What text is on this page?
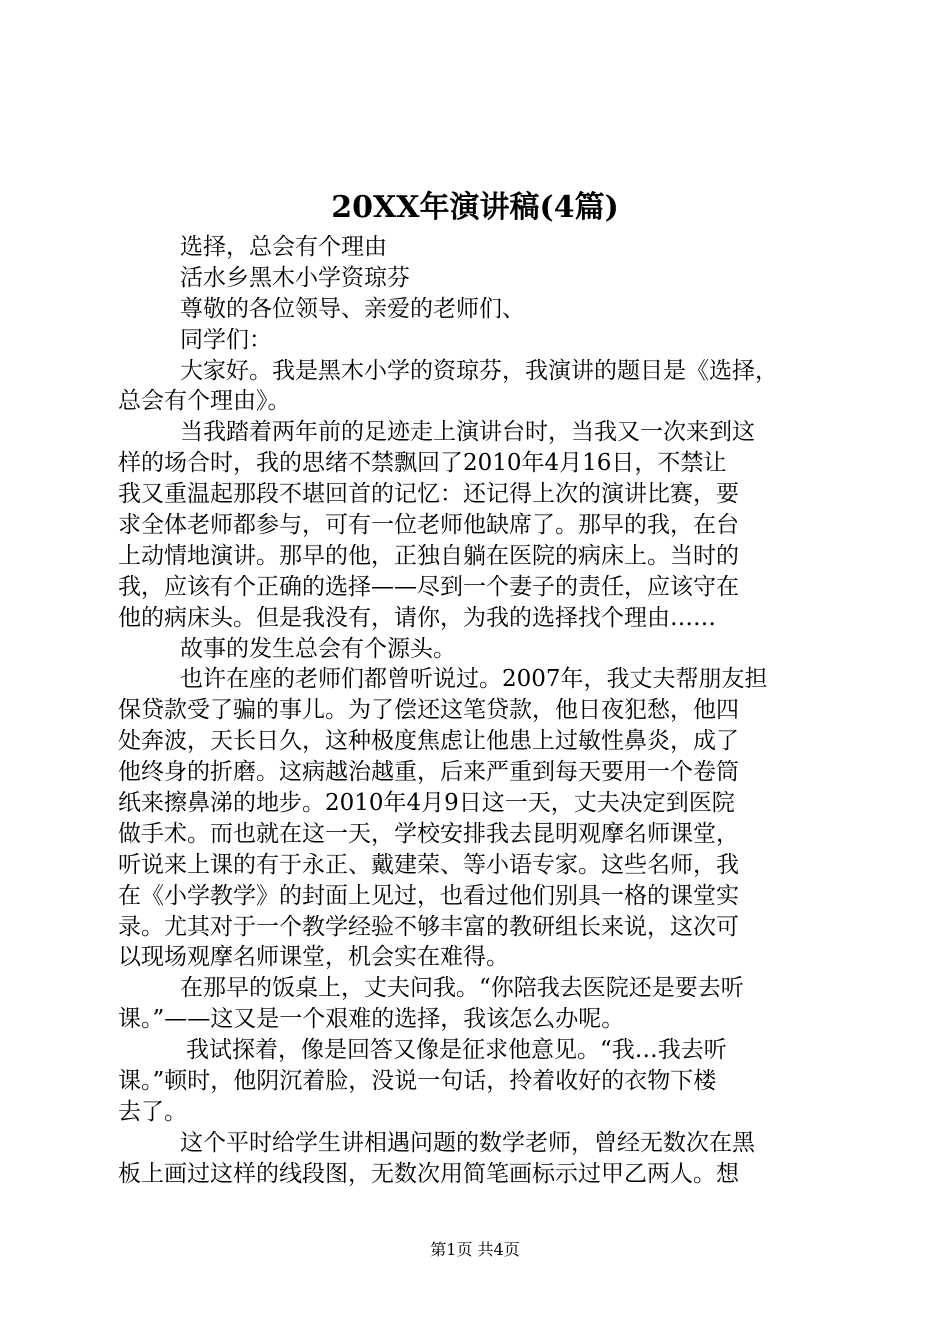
20XX年演讲稿(4篇)
选择，总会有个理由
活水乡黑木小学资琼芬
尊敬的各位领导、亲爱的老师们、
同学们：
大家好。我是黑木小学的资琼芬，我演讲的题目是《选择，
总会有个理由》。
当我踏着两年前的足迹走上演讲台时，当我又一次来到这
样的场合时，我的思绪不禁飘回了2010年4月16日，不禁让
我又重温起那段不堪回首的记忆：还记得上次的演讲比赛，要
求全体老师都参与，可有一位老师他缺席了。那早的我，在台
上动情地演讲。那早的他，正独自躺在医院的病床上。当时的
我，应该有个正确的选择——尽到一个妻子的责任，应该守在
他的病床头。但是我没有，请你，为我的选择找个理由……
故事的发生总会有个源头。
也许在座的老师们都曾听说过。2007年，我丈夫帮朋友担
保贷款受了骗的事儿。为了偿还这笔贷款，他日夜犯愁，他四
处奔波，天长日久，这种极度焦虑让他患上过敏性鼻炎，成了
他终身的折磨。这病越治越重，后来严重到每天要用一个卷筒
纸来擦鼻涕的地步。2010年4月9日这一天，丈夫决定到医院
做手术。而也就在这一天，学校安排我去昆明观摩名师课堂，
听说来上课的有于永正、戴建荣、等小语专家。这些名师，我
在《小学教学》的封面上见过，也看过他们别具一格的课堂实
录。尤其对于一个教学经验不够丰富的教研组长来说，这次可
以现场观摩名师课堂，机会实在难得。
在那早的饭桌上，丈夫问我。“你陪我去医院还是要去听
课。”——这又是一个艰难的选择，我该怎么办呢。
我试探着，像是回答又像是征求他意见。“我…我去听
课。”顿时，他阴沉着脸，没说一句话，拎着收好的衣物下楼
去了。
这个平时给学生讲相遇问题的数学老师，曾经无数次在黑
板上画过这样的线段图，无数次用简笔画标示过甲乙两人。想
第1页 共4页
